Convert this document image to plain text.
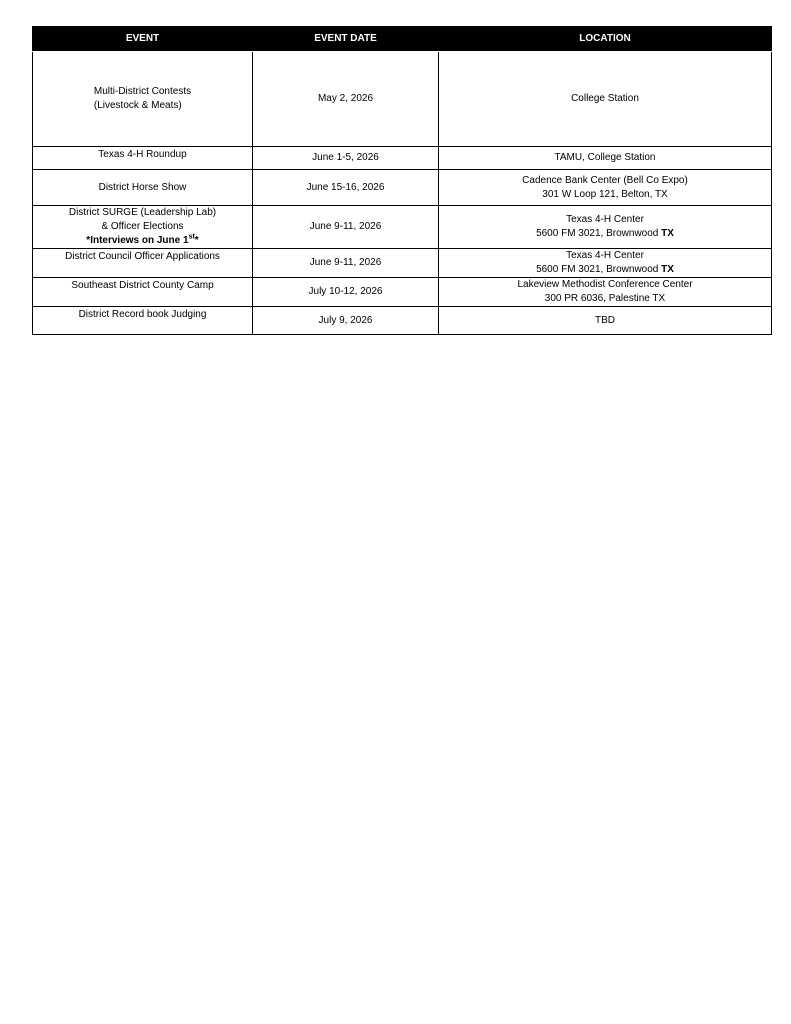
EVENT	EVENT DATE	LOCATION

Multi-District Contests
(Livestock & Meats)	May 2, 2026	College Station

Texas 4-H Roundup	June 1-5, 2026	TAMU, College Station

District Horse Show	June 15-16, 2026	Cadence Bank Center (Bell Co Expo)
301 W Loop 121, Belton, TX

District SURGE (Leadership Lab)
& Officer Elections
*Interviews on June 1st*	June 9-11, 2026	Texas 4-H Center
5600 FM 3021, Brownwood TX

District Council Officer Applications	June 9-11, 2026	Texas 4-H Center
5600 FM 3021, Brownwood TX

Southeast District County Camp	July 10-12, 2026	Lakeview Methodist Conference Center
300 PR 6036, Palestine TX

District Record book Judging	July 9, 2026	TBD
